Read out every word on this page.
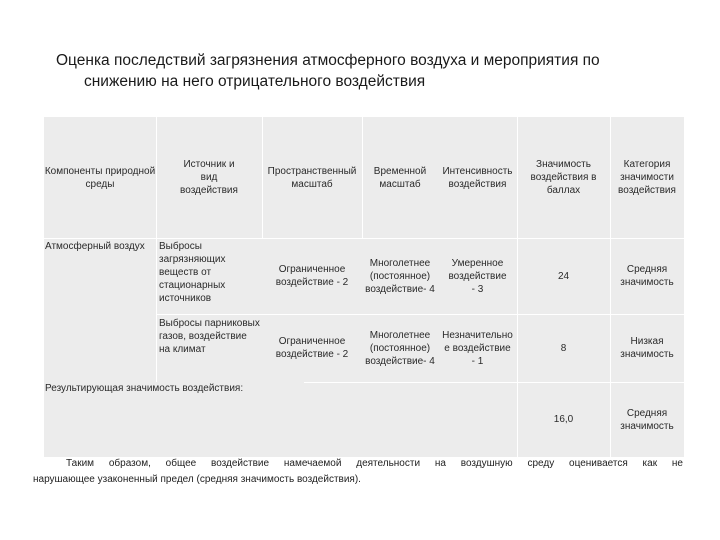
Оценка последствий загрязнения атмосферного воздуха и мероприятия по
снижению на него отрицательного воздействия
Компоненты природной среды
Источник и вид воздействия
Пространственный масштаб
Временной масштаб
Интенсивность воздействия
Значимость воздействия в баллах
Категория значимости воздействия
Атмосферный воздух	Выбросы загрязняющих веществ от стационарных источников
Ограниченное воздействие - 2
Многолетнее (постоянное) воздействие- 4
Умеренное воздействие - 3
24
Средняя значимость
Выбросы парниковых газов, воздействие на климат
Ограниченное воздействие - 2
Многолетнее (постоянное) воздействие- 4
Незначительное воздействие - 1
8
Низкая значимость
Результирующая значимость воздействия:
16,0
Средняя значимость
Таким образом, общее воздействие намечаемой деятельности на воздушную среду оценивается как не
нарушающее узаконенный предел (средняя значимость воздействия).
